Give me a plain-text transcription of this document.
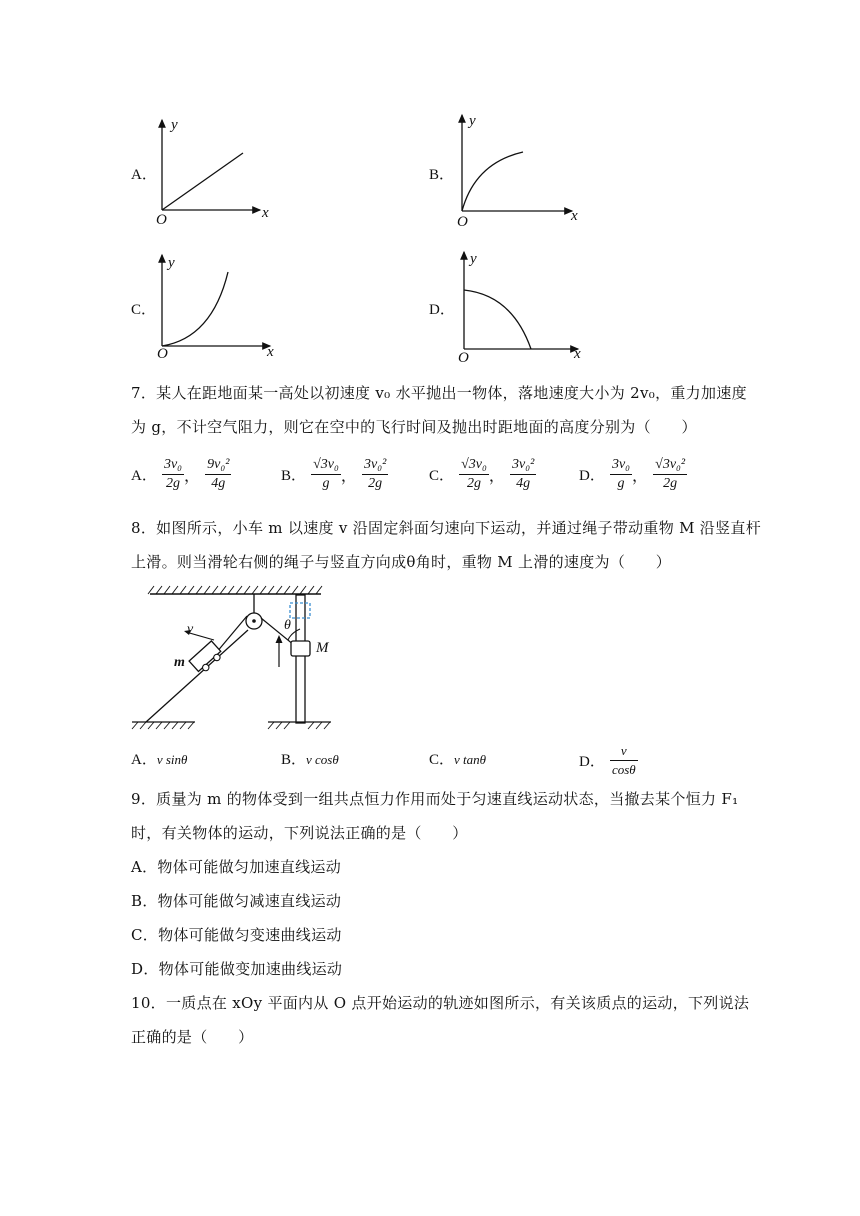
A．
y
x
O
B．
y
x
O
C．
y
x
O
D．
y
x
O
7．某人在距地面某一高处以初速度 v₀ 水平抛出一物体，落地速度大小为 2v₀，重力加速度
为 g，不计空气阻力，则它在空中的飞行时间及抛出时距地面的高度分别为（　　）
A． $\frac{\text{3v₀}}{2g}$ ， $\frac{\text{9v₀²}}{4g}$	B． $\frac{\text{√3v₀}}{g}$ ， $\frac{\text{3v₀²}}{2g}$	C． $\frac{\text{√3v₀}}{2g}$ ， $\frac{\text{3v₀²}}{4g}$	D． $\frac{\text{3v₀}}{g}$ ， $\frac{\text{√3v₀²}}{2g}$
8．如图所示，小车 m 以速度 v 沿固定斜面匀速向下运动，并通过绳子带动重物 M 沿竖直杆
上滑。则当滑轮右侧的绳子与竖直方向成θ角时，重物 M 上滑的速度为（　　）
v
m
θ
M
A．v sinθ	B．v cosθ	C．v tanθ	D． $\frac{v}{\cos\theta}$
9．质量为 m 的物体受到一组共点恒力作用而处于匀速直线运动状态，当撤去某个恒力 F₁
时，有关物体的运动，下列说法正确的是（　　）
A．物体可能做匀加速直线运动
B．物体可能做匀减速直线运动
C．物体可能做匀变速曲线运动
D．物体可能做变加速曲线运动
10．一质点在 xOy 平面内从 O 点开始运动的轨迹如图所示，有关该质点的运动，下列说法
正确的是（　　）
